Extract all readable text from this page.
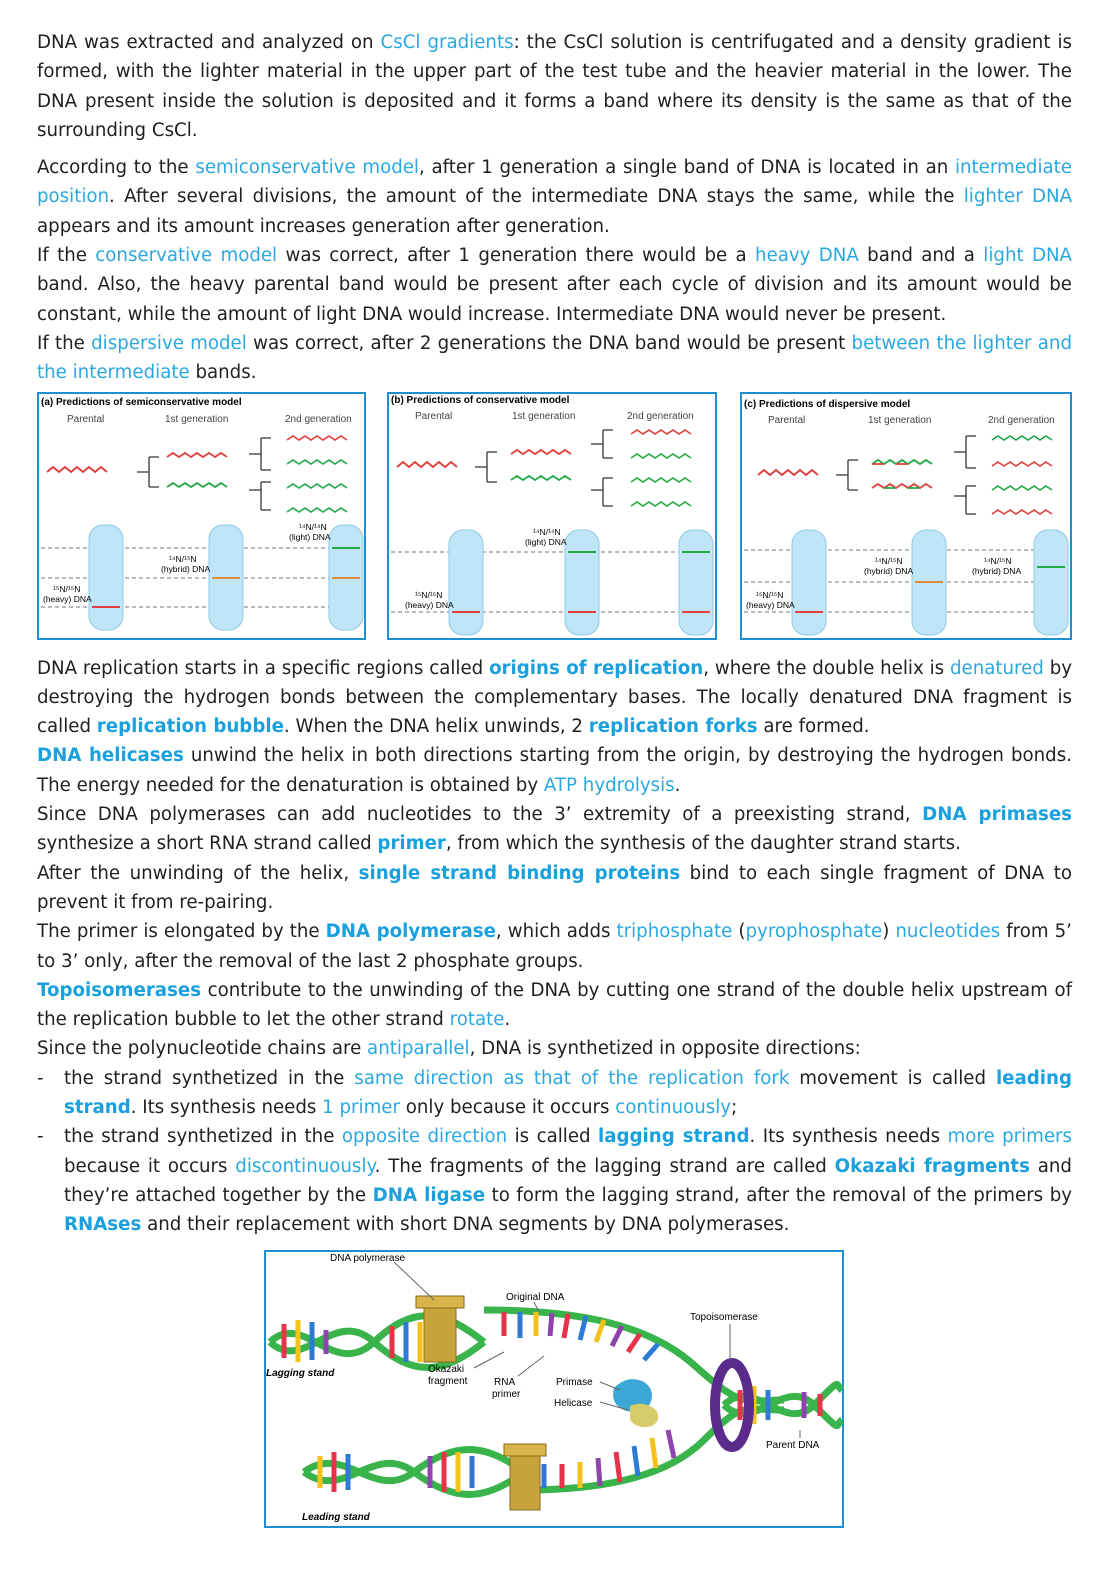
DNA was extracted and analyzed on CsCl gradients: the CsCl solution is centrifugated and a density gradient is formed, with the lighter material in the upper part of the test tube and the heavier material in the lower. The DNA present inside the solution is deposited and it forms a band where its density is the same as that of the surrounding CsCl.

According to the semiconservative model, after 1 generation a single band of DNA is located in an intermediate position. After several divisions, the amount of the intermediate DNA stays the same, while the lighter DNA appears and its amount increases generation after generation.

If the conservative model was correct, after 1 generation there would be a heavy DNA band and a light DNA band. Also, the heavy parental band would be present after each cycle of division and its amount would be constant, while the amount of light DNA would increase. Intermediate DNA would never be present.

If the dispersive model was correct, after 2 generations the DNA band would be present between the lighter and the intermediate bands.

(a) Predictions of semiconservative model
Parental	1st generation	2nd generation
¹⁴N/¹⁴N
(light) DNA
¹⁴N/¹⁵N
(hybrid) DNA
¹⁵N/¹⁵N
(heavy) DNA
(b) Predictions of conservative model
Parental	1st generation	2nd generation
¹⁴N/¹⁴N
(light) DNA
¹⁵N/¹⁵N
(heavy) DNA
(c) Predictions of dispersive model
Parental	1st generation	2nd generation
¹⁴N/¹⁵N
(hybrid) DNA
¹⁴N/¹⁵N
(hybrid) DNA
¹⁵N/¹⁵N
(heavy) DNA

DNA replication starts in a specific regions called origins of replication, where the double helix is denatured by destroying the hydrogen bonds between the complementary bases. The locally denatured DNA fragment is called replication bubble. When the DNA helix unwinds, 2 replication forks are formed.

DNA helicases unwind the helix in both directions starting from the origin, by destroying the hydrogen bonds. The energy needed for the denaturation is obtained by ATP hydrolysis.

Since DNA polymerases can add nucleotides to the 3’ extremity of a preexisting strand, DNA primases synthesize a short RNA strand called primer, from which the synthesis of the daughter strand starts.

After the unwinding of the helix, single strand binding proteins bind to each single fragment of DNA to prevent it from re-pairing.

The primer is elongated by the DNA polymerase, which adds triphosphate (pyrophosphate) nucleotides from 5’ to 3’ only, after the removal of the last 2 phosphate groups.

Topoisomerases contribute to the unwinding of the DNA by cutting one strand of the double helix upstream of the replication bubble to let the other strand rotate.

Since the polynucleotide chains are antiparallel, DNA is synthetized in opposite directions:

- the strand synthetized in the same direction as that of the replication fork movement is called leading strand. Its synthesis needs 1 primer only because it occurs continuously;

- the strand synthetized in the opposite direction is called lagging strand. Its synthesis needs more primers because it occurs discontinuously. The fragments of the lagging strand are called Okazaki fragments and they’re attached together by the DNA ligase to form the lagging strand, after the removal of the primers by RNAses and their replacement with short DNA segments by DNA polymerases.

DNA polymerase
Original DNA
Topoisomerase
Lagging stand	Okazaki
fragment	RNA
primer
Primase
Helicase
Parent DNA
Leading stand
